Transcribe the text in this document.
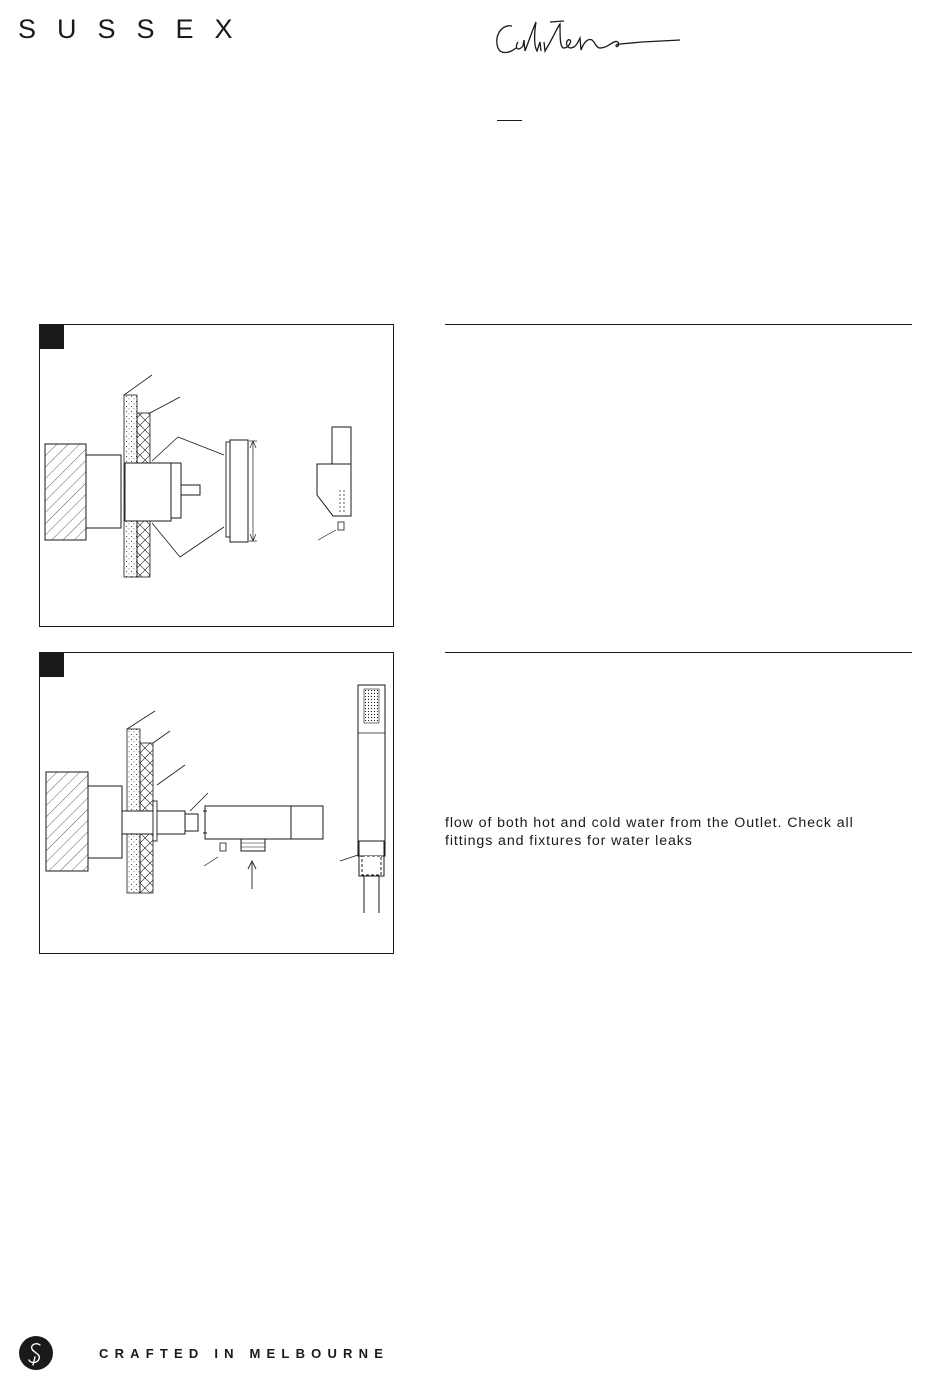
SUSSEX
flow of both hot and cold water from the Outlet. Check all
fittings and fixtures for water leaks
CRAFTED IN MELBOURNE
